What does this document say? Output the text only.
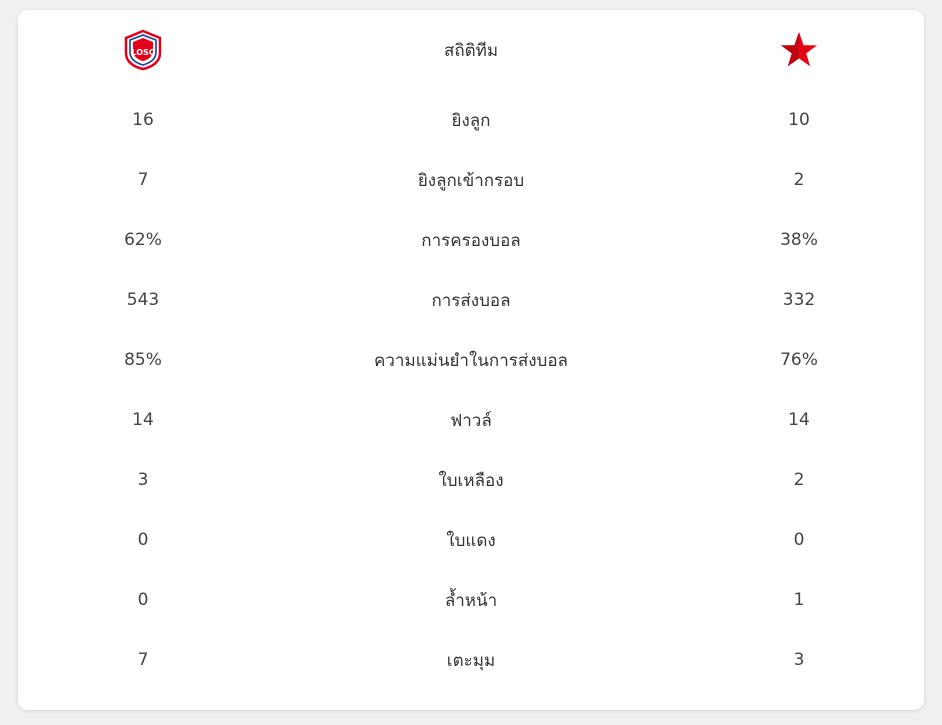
LOSC	สถิติทีม
16	ยิงลูก	10
7	ยิงลูกเข้ากรอบ	2
62%	การครองบอล	38%
543	การส่งบอล	332
85%	ความแม่นยำในการส่งบอล	76%
14	ฟาวล์	14
3	ใบเหลือง	2
0	ใบแดง	0
0	ล้ำหน้า	1
7	เตะมุม	3
